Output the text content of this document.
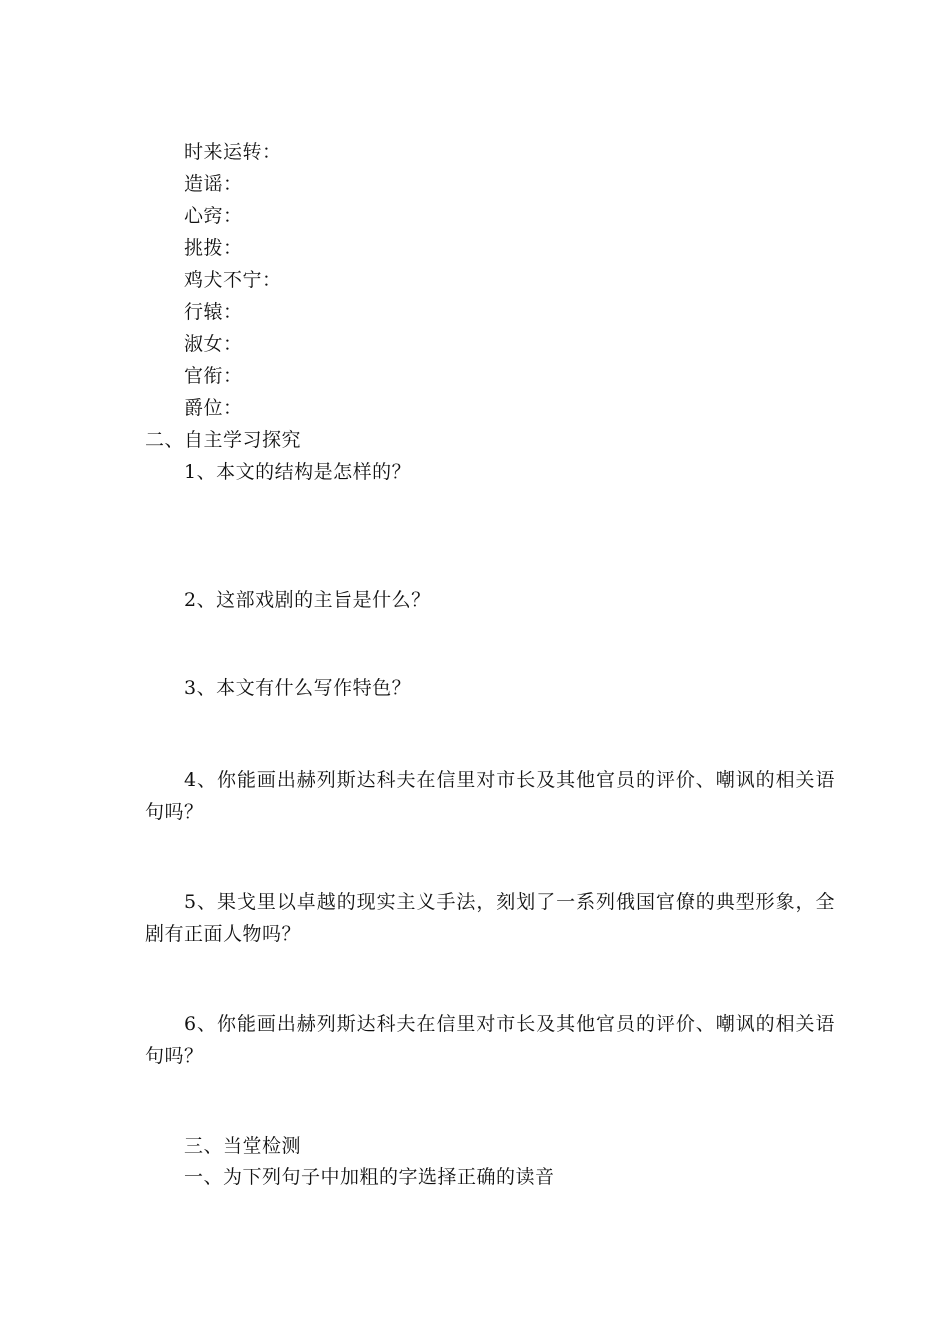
时来运转：
造谣：
心窍：
挑拨：
鸡犬不宁：
行辕：
淑女：
官衔：
爵位：
二、自主学习探究
1、本文的结构是怎样的？
2、这部戏剧的主旨是什么？
3、本文有什么写作特色？
4、你能画出赫列斯达科夫在信里对市长及其他官员的评价、嘲讽的相关语句吗？
5、果戈里以卓越的现实主义手法，刻划了一系列俄国官僚的典型形象，全剧有正面人物吗？
6、你能画出赫列斯达科夫在信里对市长及其他官员的评价、嘲讽的相关语句吗？
三、当堂检测
一、为下列句子中加粗的字选择正确的读音
